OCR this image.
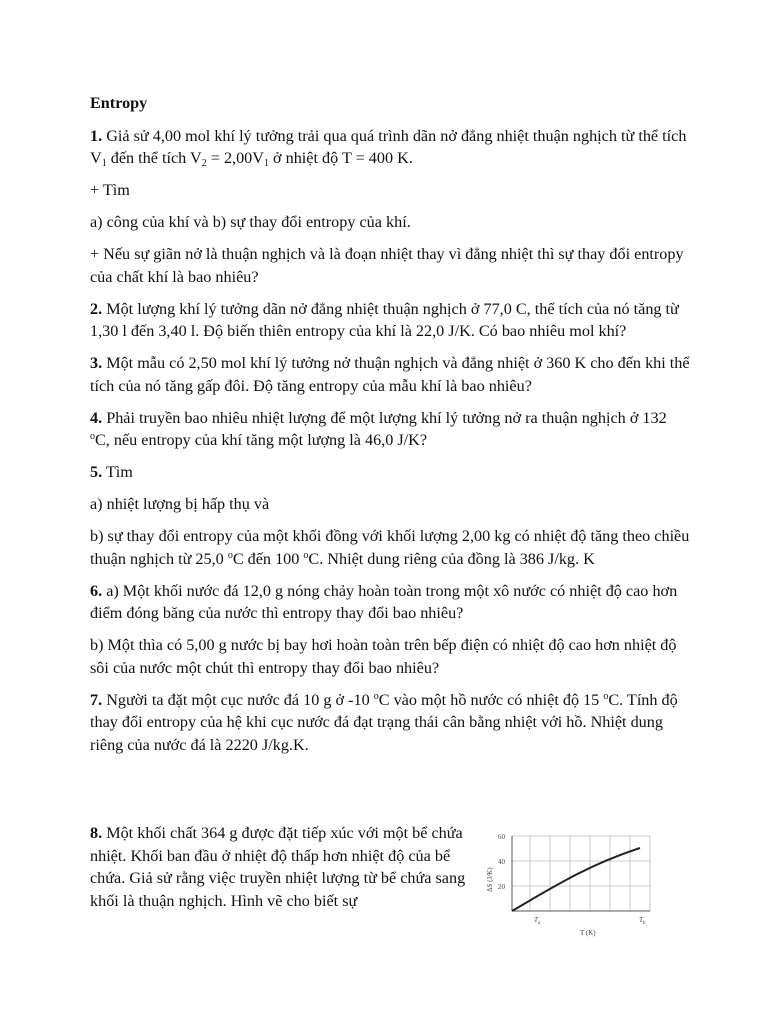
Entropy

1. Giả sử 4,00 mol khí lý tưởng trải qua quá trình dãn nở đẳng nhiệt thuận nghịch từ thể tích $V_1$ đến thể tích $V_2 = 2,00V_1$ ở nhiệt độ T = 400 K.

+ Tìm

a) công của khí và b) sự thay đổi entropy của khí.

+ Nếu sự giãn nở là thuận nghịch và là đoạn nhiệt thay vì đẳng nhiệt thì sự thay đổi entropy của chất khí là bao nhiêu?

2. Một lượng khí lý tưởng dãn nở đẳng nhiệt thuận nghịch ở 77,0 C, thể tích của nó tăng từ 1,30 l đến 3,40 l. Độ biến thiên entropy của khí là 22,0 J/K. Có bao nhiêu mol khí?

3. Một mẫu có 2,50 mol khí lý tưởng nở thuận nghịch và đẳng nhiệt ở 360 K cho đến khi thể tích của nó tăng gấp đôi. Độ tăng entropy của mẫu khí là bao nhiêu?

4. Phải truyền bao nhiêu nhiệt lượng để một lượng khí lý tưởng nở ra thuận nghịch ở 132 $^o$C, nếu entropy của khí tăng một lượng là 46,0 J/K?

5. Tìm

a) nhiệt lượng bị hấp thụ và

b) sự thay đổi entropy của một khối đồng với khối lượng 2,00 kg có nhiệt độ tăng theo chiều thuận nghịch từ 25,0 $^o$C đến 100 $^o$C. Nhiệt dung riêng của đồng là 386 J/kg. K

6. a) Một khối nước đá 12,0 g nóng chảy hoàn toàn trong một xô nước có nhiệt độ cao hơn điểm đóng băng của nước thì entropy thay đổi bao nhiêu?

b) Một thìa có 5,00 g nước bị bay hơi hoàn toàn trên bếp điện có nhiệt độ cao hơn nhiệt độ sôi của nước một chút thì entropy thay đổi bao nhiêu?

7. Người ta đặt một cục nước đá 10 g ở -10 $^o$C vào một hồ nước có nhiệt độ 15 $^o$C. Tính độ thay đổi entropy của hệ khi cục nước đá đạt trạng thái cân bằng nhiệt với hồ. Nhiệt dung riêng của nước đá là 2220 J/kg.K.

8. Một khối chất 364 g được đặt tiếp xúc với một bể chứa nhiệt. Khối ban đầu ở nhiệt độ thấp hơn nhiệt độ của bể chứa. Giả sử rằng việc truyền nhiệt lượng từ bể chứa sang khối là thuận nghịch. Hình vẽ cho biết sự

60
40
20
ΔS (J/K)
$T_a$	$T_b$
T (K)
